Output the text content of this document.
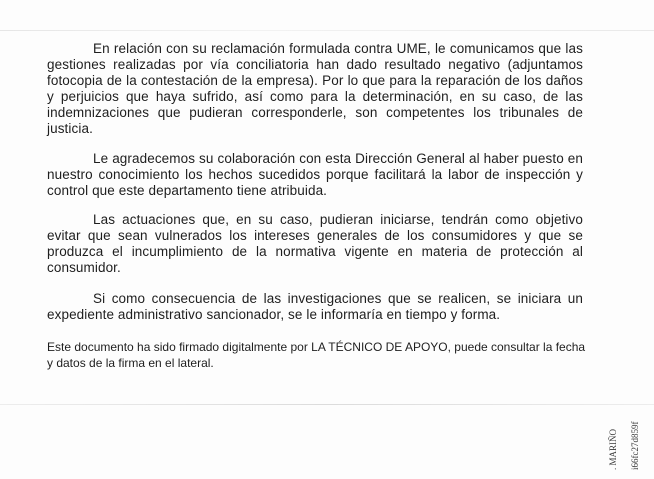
En relación con su reclamación formulada contra UME, le comunicamos que las gestiones realizadas por vía conciliatoria han dado resultado negativo (adjuntamos fotocopia de la contestación de la empresa). Por lo que para la reparación de los daños y perjuicios que haya sufrido, así como para la determinación, en su caso, de las indemnizaciones que pudieran corresponderle, son competentes los tribunales de justicia.

Le agradecemos su colaboración con esta Dirección General al haber puesto en nuestro conocimiento los hechos sucedidos porque facilitará la labor de inspección y control que este departamento tiene atribuida.

Las actuaciones que, en su caso, pudieran iniciarse, tendrán como objetivo evitar que sean vulnerados los intereses generales de los consumidores y que se produzca el incumplimiento de la normativa vigente en materia de protección al consumidor.

Si como consecuencia de las investigaciones que se realicen, se iniciara un expediente administrativo sancionador, se le informaría en tiempo y forma.

Este documento ha sido firmado digitalmente por LA TÉCNICO DE APOYO, puede consultar la fecha y datos de la firma en el lateral.

. MARIÑO	i66fc27d859f
